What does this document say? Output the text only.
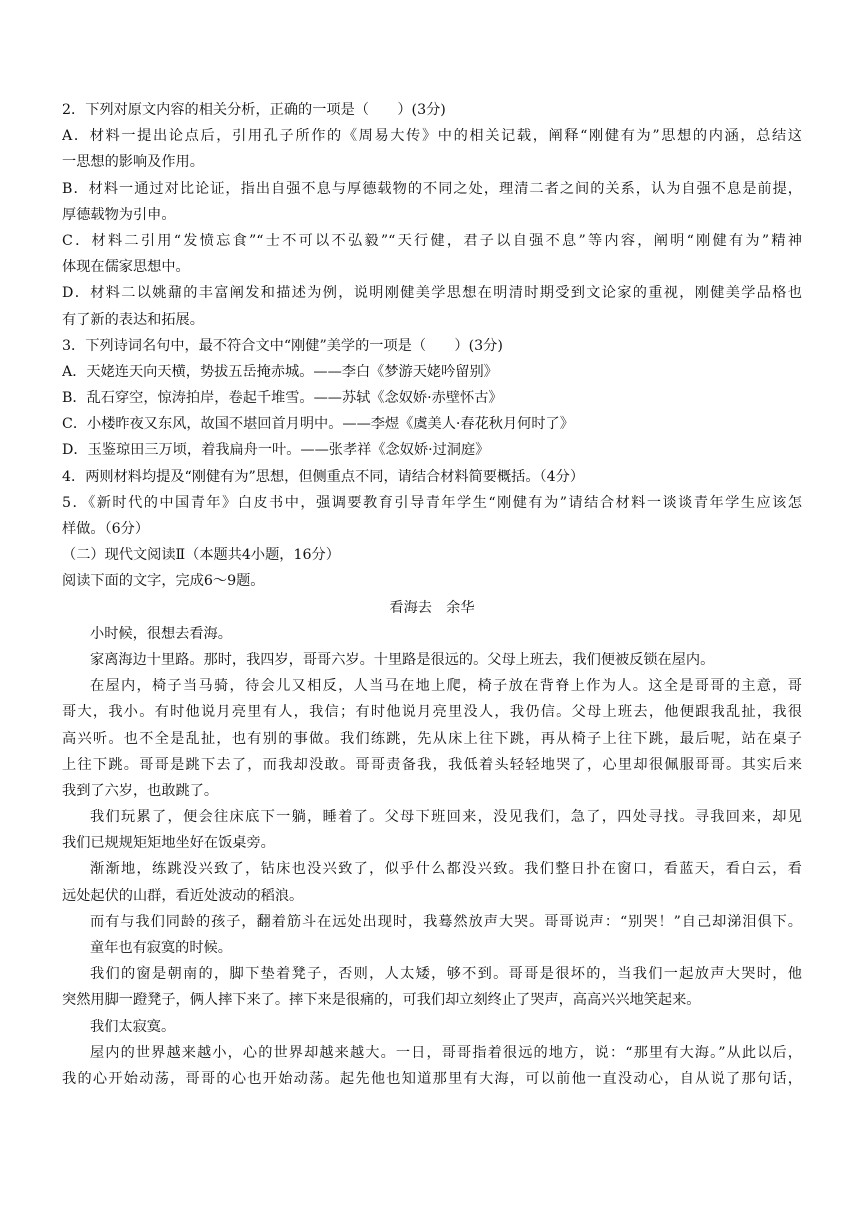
2．下列对原文内容的相关分析，正确的一项是（　　）(3分)
A．材料一提出论点后，引用孔子所作的《周易大传》中的相关记载，阐释“刚健有为”思想的内涵，总结这
一思想的影响及作用。
B．材料一通过对比论证，指出自强不息与厚德载物的不同之处，理清二者之间的关系，认为自强不息是前提，
厚德载物为引申。
C．材料二引用“发愤忘食”“士不可以不弘毅”“天行健，君子以自强不息”等内容，阐明“刚健有为”精神
体现在儒家思想中。
D．材料二以姚鼐的丰富阐发和描述为例，说明刚健美学思想在明清时期受到文论家的重视，刚健美学品格也
有了新的表达和拓展。
3．下列诗词名句中，最不符合文中“刚健”美学的一项是（　　）(3分)
A．天姥连天向天横，势拔五岳掩赤城。——李白《梦游天姥吟留别》
B．乱石穿空，惊涛拍岸，卷起千堆雪。——苏轼《念奴娇·赤壁怀古》
C．小楼昨夜又东风，故国不堪回首月明中。——李煜《虞美人·春花秋月何时了》
D．玉鉴琼田三万顷，着我扁舟一叶。——张孝祥《念奴娇·过洞庭》
4．两则材料均提及“刚健有为”思想，但侧重点不同，请结合材料简要概括。（4分）
5．《新时代的中国青年》白皮书中，强调要教育引导青年学生“刚健有为”请结合材料一谈谈青年学生应该怎
样做。（6分）
（二）现代文阅读Ⅱ（本题共4小题，16分）
阅读下面的文字，完成6～9题。
看海去　余华
小时候，很想去看海。
家离海边十里路。那时，我四岁，哥哥六岁。十里路是很远的。父母上班去，我们便被反锁在屋内。
在屋内，椅子当马骑，待会儿又相反，人当马在地上爬，椅子放在背脊上作为人。这全是哥哥的主意，哥
哥大，我小。有时他说月亮里有人，我信；有时他说月亮里没人，我仍信。父母上班去，他便跟我乱扯，我很
高兴听。也不全是乱扯，也有别的事做。我们练跳，先从床上往下跳，再从椅子上往下跳，最后呢，站在桌子
上往下跳。哥哥是跳下去了，而我却没敢。哥哥责备我，我低着头轻轻地哭了，心里却很佩服哥哥。其实后来
我到了六岁，也敢跳了。
我们玩累了，便会往床底下一躺，睡着了。父母下班回来，没见我们，急了，四处寻找。寻我回来，却见
我们已规规矩矩地坐好在饭桌旁。
渐渐地，练跳没兴致了，钻床也没兴致了，似乎什么都没兴致。我们整日扑在窗口，看蓝天，看白云，看
远处起伏的山群，看近处波动的稻浪。
而有与我们同龄的孩子，翻着筋斗在远处出现时，我蓦然放声大哭。哥哥说声：“别哭！”自己却涕泪俱下。
童年也有寂寞的时候。
我们的窗是朝南的，脚下垫着凳子，否则，人太矮，够不到。哥哥是很坏的，当我们一起放声大哭时，他
突然用脚一蹬凳子，俩人摔下来了。摔下来是很痛的，可我们却立刻终止了哭声，高高兴兴地笑起来。
我们太寂寞。
屋内的世界越来越小，心的世界却越来越大。一日，哥哥指着很远的地方，说：“那里有大海。”从此以后，
我的心开始动荡，哥哥的心也开始动荡。起先他也知道那里有大海，可以前他一直没动心，自从说了那句话，
